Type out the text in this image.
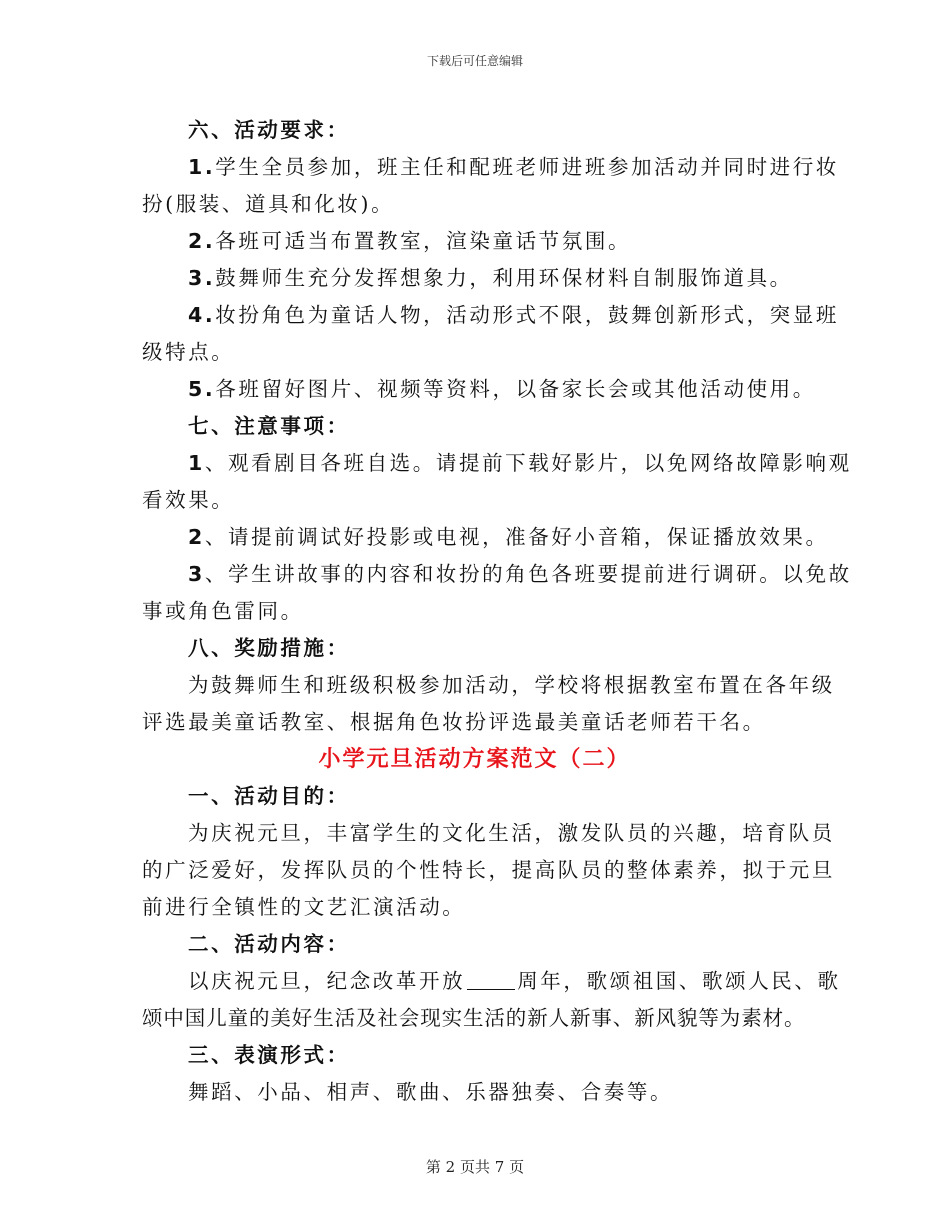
下载后可任意编辑
六、活动要求：
1.学生全员参加，班主任和配班老师进班参加活动并同时进行妆
扮(服装、道具和化妆)。
2.各班可适当布置教室，渲染童话节氛围。
3.鼓舞师生充分发挥想象力，利用环保材料自制服饰道具。
4.妆扮角色为童话人物，活动形式不限，鼓舞创新形式，突显班
级特点。
5.各班留好图片、视频等资料，以备家长会或其他活动使用。
七、注意事项：
1、观看剧目各班自选。请提前下载好影片，以免网络故障影响观
看效果。
2、请提前调试好投影或电视，准备好小音箱，保证播放效果。
3、学生讲故事的内容和妆扮的角色各班要提前进行调研。以免故
事或角色雷同。
八、奖励措施：
为鼓舞师生和班级积极参加活动，学校将根据教室布置在各年级
评选最美童话教室、根据角色妆扮评选最美童话老师若干名。
小学元旦活动方案范文（二）
一、活动目的：
为庆祝元旦，丰富学生的文化生活，激发队员的兴趣，培育队员
的广泛爱好，发挥队员的个性特长，提高队员的整体素养，拟于元旦
前进行全镇性的文艺汇演活动。
二、活动内容：
以庆祝元旦，纪念改革开放	周年，歌颂祖国、歌颂人民、歌
颂中国儿童的美好生活及社会现实生活的新人新事、新风貌等为素材。
三、表演形式：
舞蹈、小品、相声、歌曲、乐器独奏、合奏等。
第 2 页共 7 页
